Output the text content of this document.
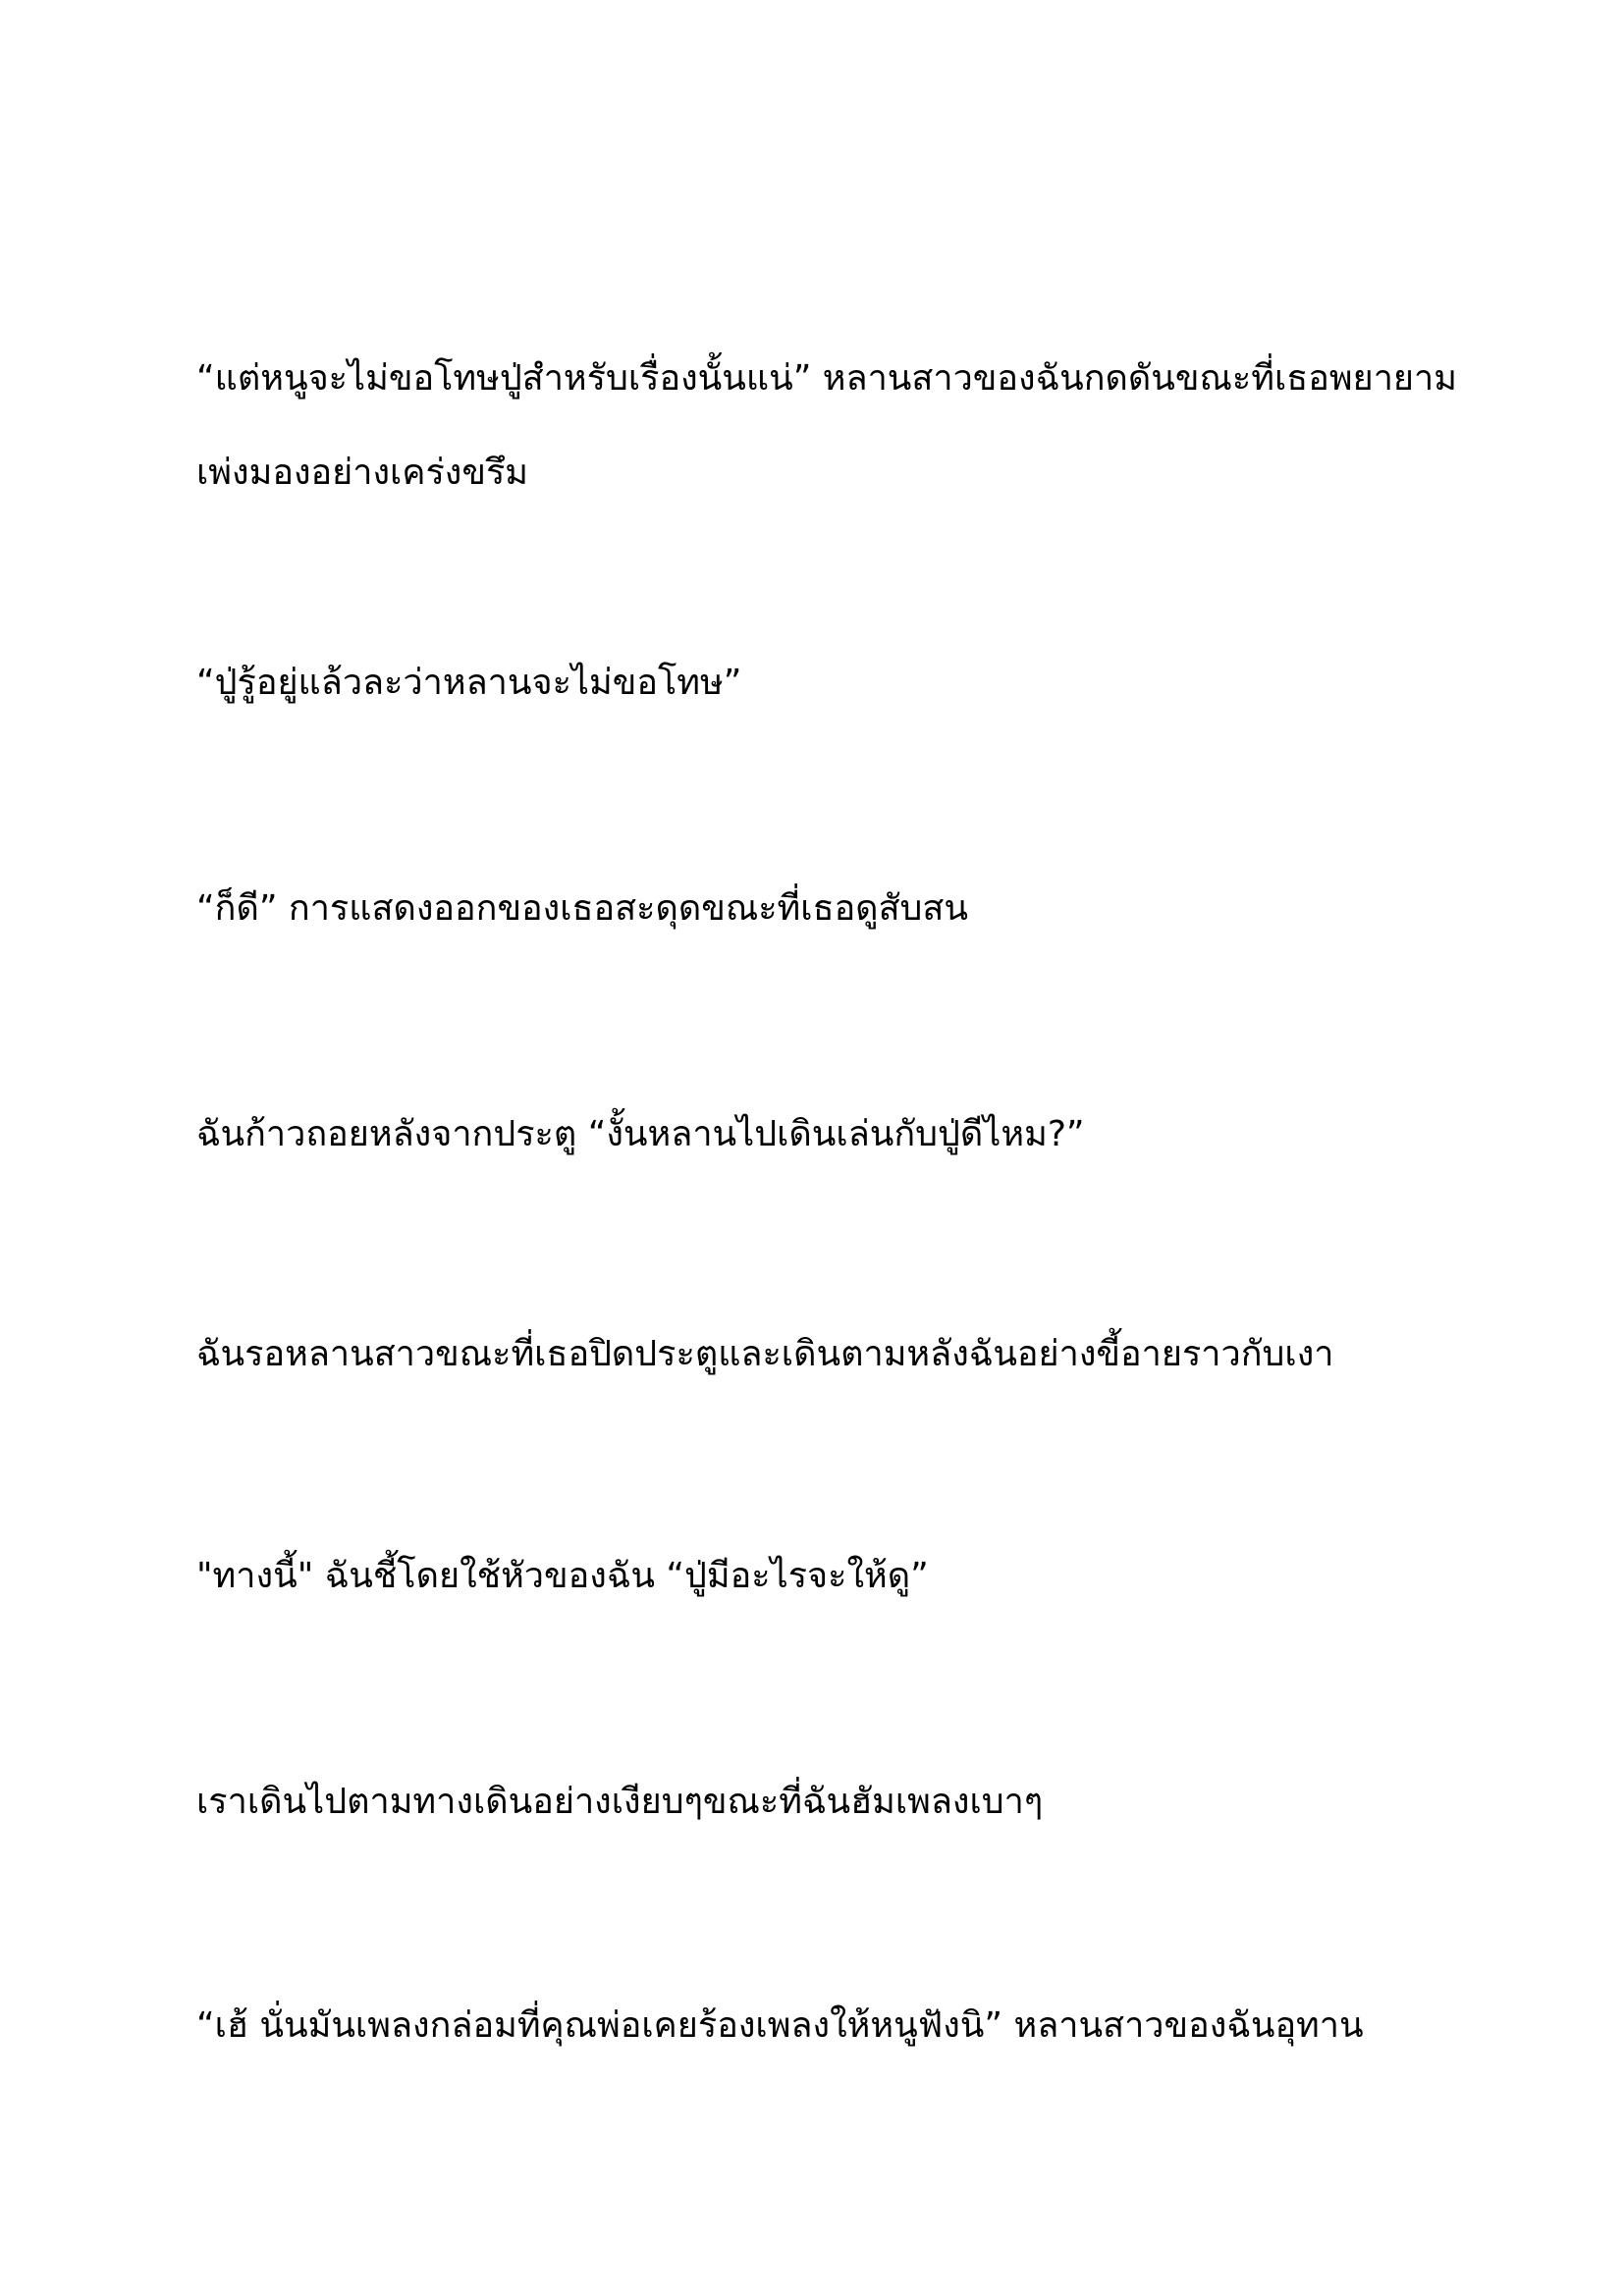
“แต่หนูจะไม่ขอโทษปู่สำหรับเรื่องนั้นแน่” หลานสาวของฉันกดดันขณะที่เธอพยายามเพ่งมองอย่างเคร่งขรึม

“ปู่รู้อยู่แล้วละว่าหลานจะไม่ขอโทษ”

“ก็ดี” การแสดงออกของเธอสะดุดขณะที่เธอดูสับสน

ฉันก้าวถอยหลังจากประตู “งั้นหลานไปเดินเล่นกับปู่ดีไหม?”

ฉันรอหลานสาวขณะที่เธอปิดประตูและเดินตามหลังฉันอย่างขี้อายราวกับเงา

"ทางนี้" ฉันชี้โดยใช้หัวของฉัน “ปู่มีอะไรจะให้ดู”

เราเดินไปตามทางเดินอย่างเงียบๆขณะที่ฉันฮัมเพลงเบาๆ

“เฮ้ นั่นมันเพลงกล่อมที่คุณพ่อเคยร้องเพลงให้หนูฟังนิ” หลานสาวของฉันอุทาน
